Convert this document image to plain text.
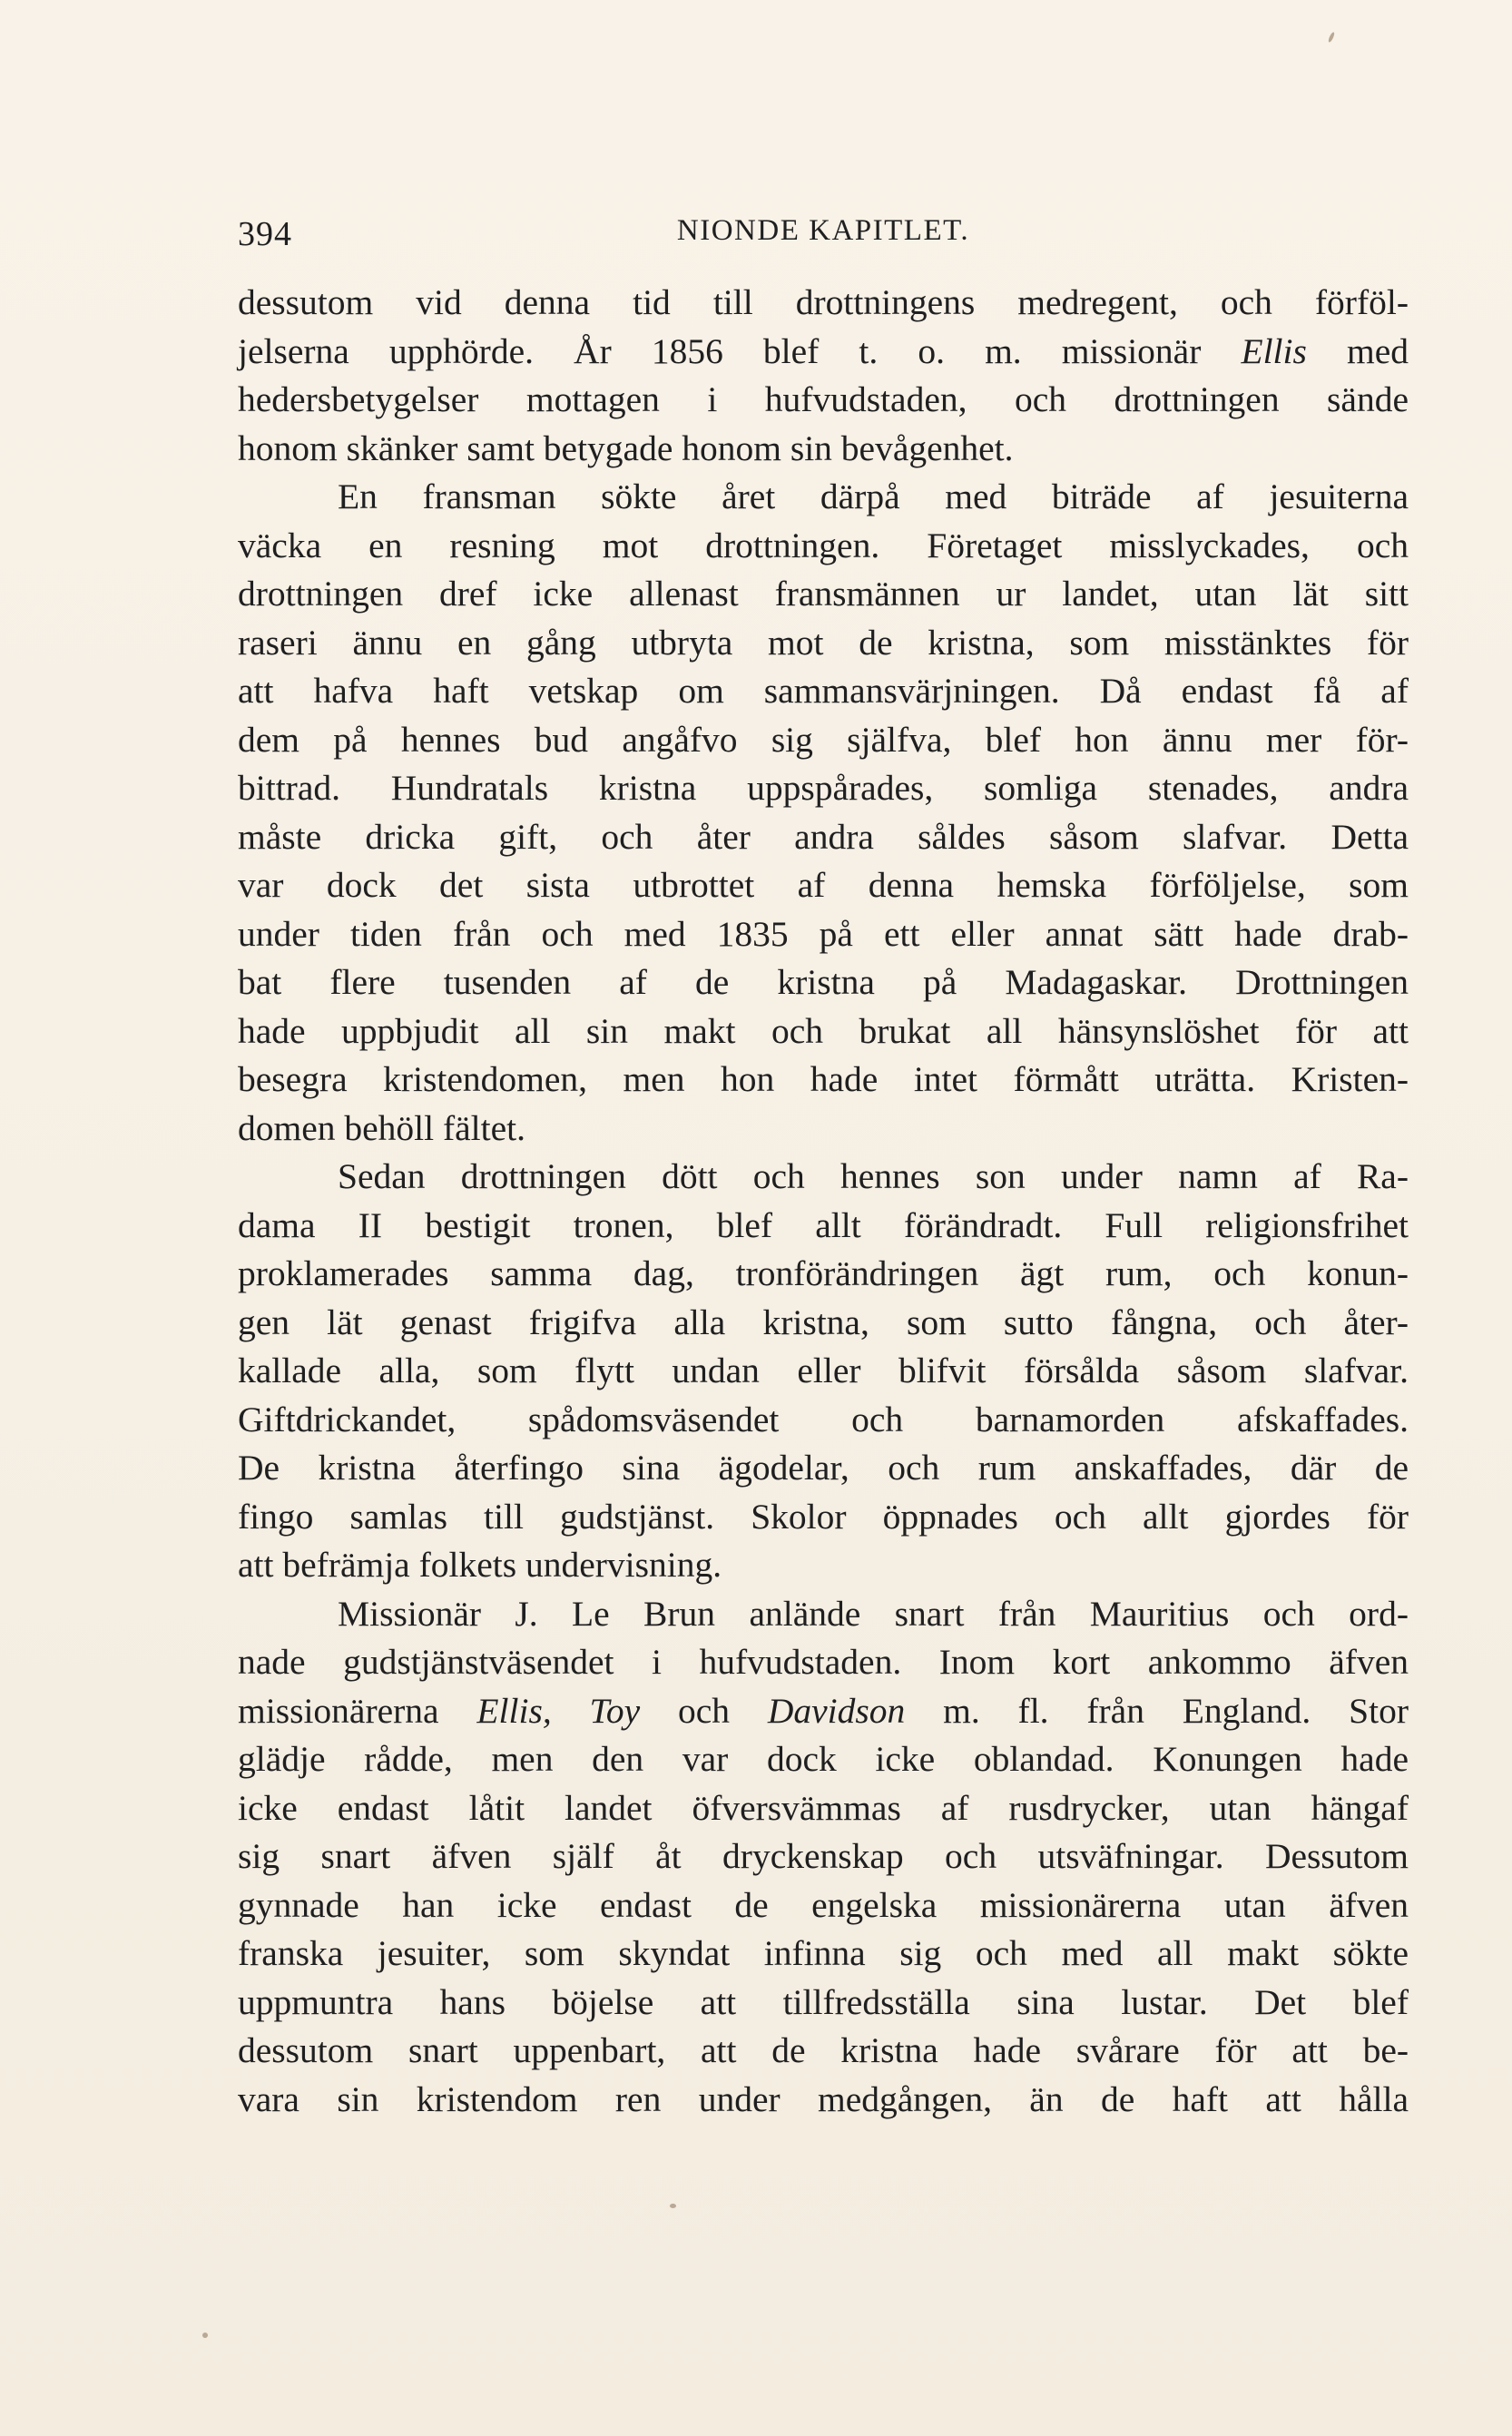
394	NIONDE KAPITLET.
dessutom vid denna tid till drottningens medregent, och förföl-
jelserna upphörde. År 1856 blef t. o. m. missionär Ellis med
hedersbetygelser mottagen i hufvudstaden, och drottningen sände
honom skänker samt betygade honom sin bevågenhet.
En fransman sökte året därpå med biträde af jesuiterna
väcka en resning mot drottningen. Företaget misslyckades, och
drottningen dref icke allenast fransmännen ur landet, utan lät sitt
raseri ännu en gång utbryta mot de kristna, som misstänktes för
att hafva haft vetskap om sammansvärjningen. Då endast få af
dem på hennes bud angåfvo sig själfva, blef hon ännu mer för-
bittrad. Hundratals kristna uppspårades, somliga stenades, andra
måste dricka gift, och åter andra såldes såsom slafvar. Detta
var dock det sista utbrottet af denna hemska förföljelse, som
under tiden från och med 1835 på ett eller annat sätt hade drab-
bat flere tusenden af de kristna på Madagaskar. Drottningen
hade uppbjudit all sin makt och brukat all hänsynslöshet för att
besegra kristendomen, men hon hade intet förmått uträtta. Kristen-
domen behöll fältet.
Sedan drottningen dött och hennes son under namn af Ra-
dama II bestigit tronen, blef allt förändradt. Full religionsfrihet
proklamerades samma dag, tronförändringen ägt rum, och konun-
gen lät genast frigifva alla kristna, som sutto fångna, och åter-
kallade alla, som flytt undan eller blifvit försålda såsom slafvar.
Giftdrickandet, spådomsväsendet och barnamorden afskaffades.
De kristna återfingo sina ägodelar, och rum anskaffades, där de
fingo samlas till gudstjänst. Skolor öppnades och allt gjordes för
att befrämja folkets undervisning.
Missionär J. Le Brun anlände snart från Mauritius och ord-
nade gudstjänstväsendet i hufvudstaden. Inom kort ankommo äfven
missionärerna Ellis, Toy och Davidson m. fl. från England. Stor
glädje rådde, men den var dock icke oblandad. Konungen hade
icke endast låtit landet öfversvämmas af rusdrycker, utan hängaf
sig snart äfven själf åt dryckenskap och utsväfningar. Dessutom
gynnade han icke endast de engelska missionärerna utan äfven
franska jesuiter, som skyndat infinna sig och med all makt sökte
uppmuntra hans böjelse att tillfredsställa sina lustar. Det blef
dessutom snart uppenbart, att de kristna hade svårare för att be-
vara sin kristendom ren under medgången, än de haft att hålla
